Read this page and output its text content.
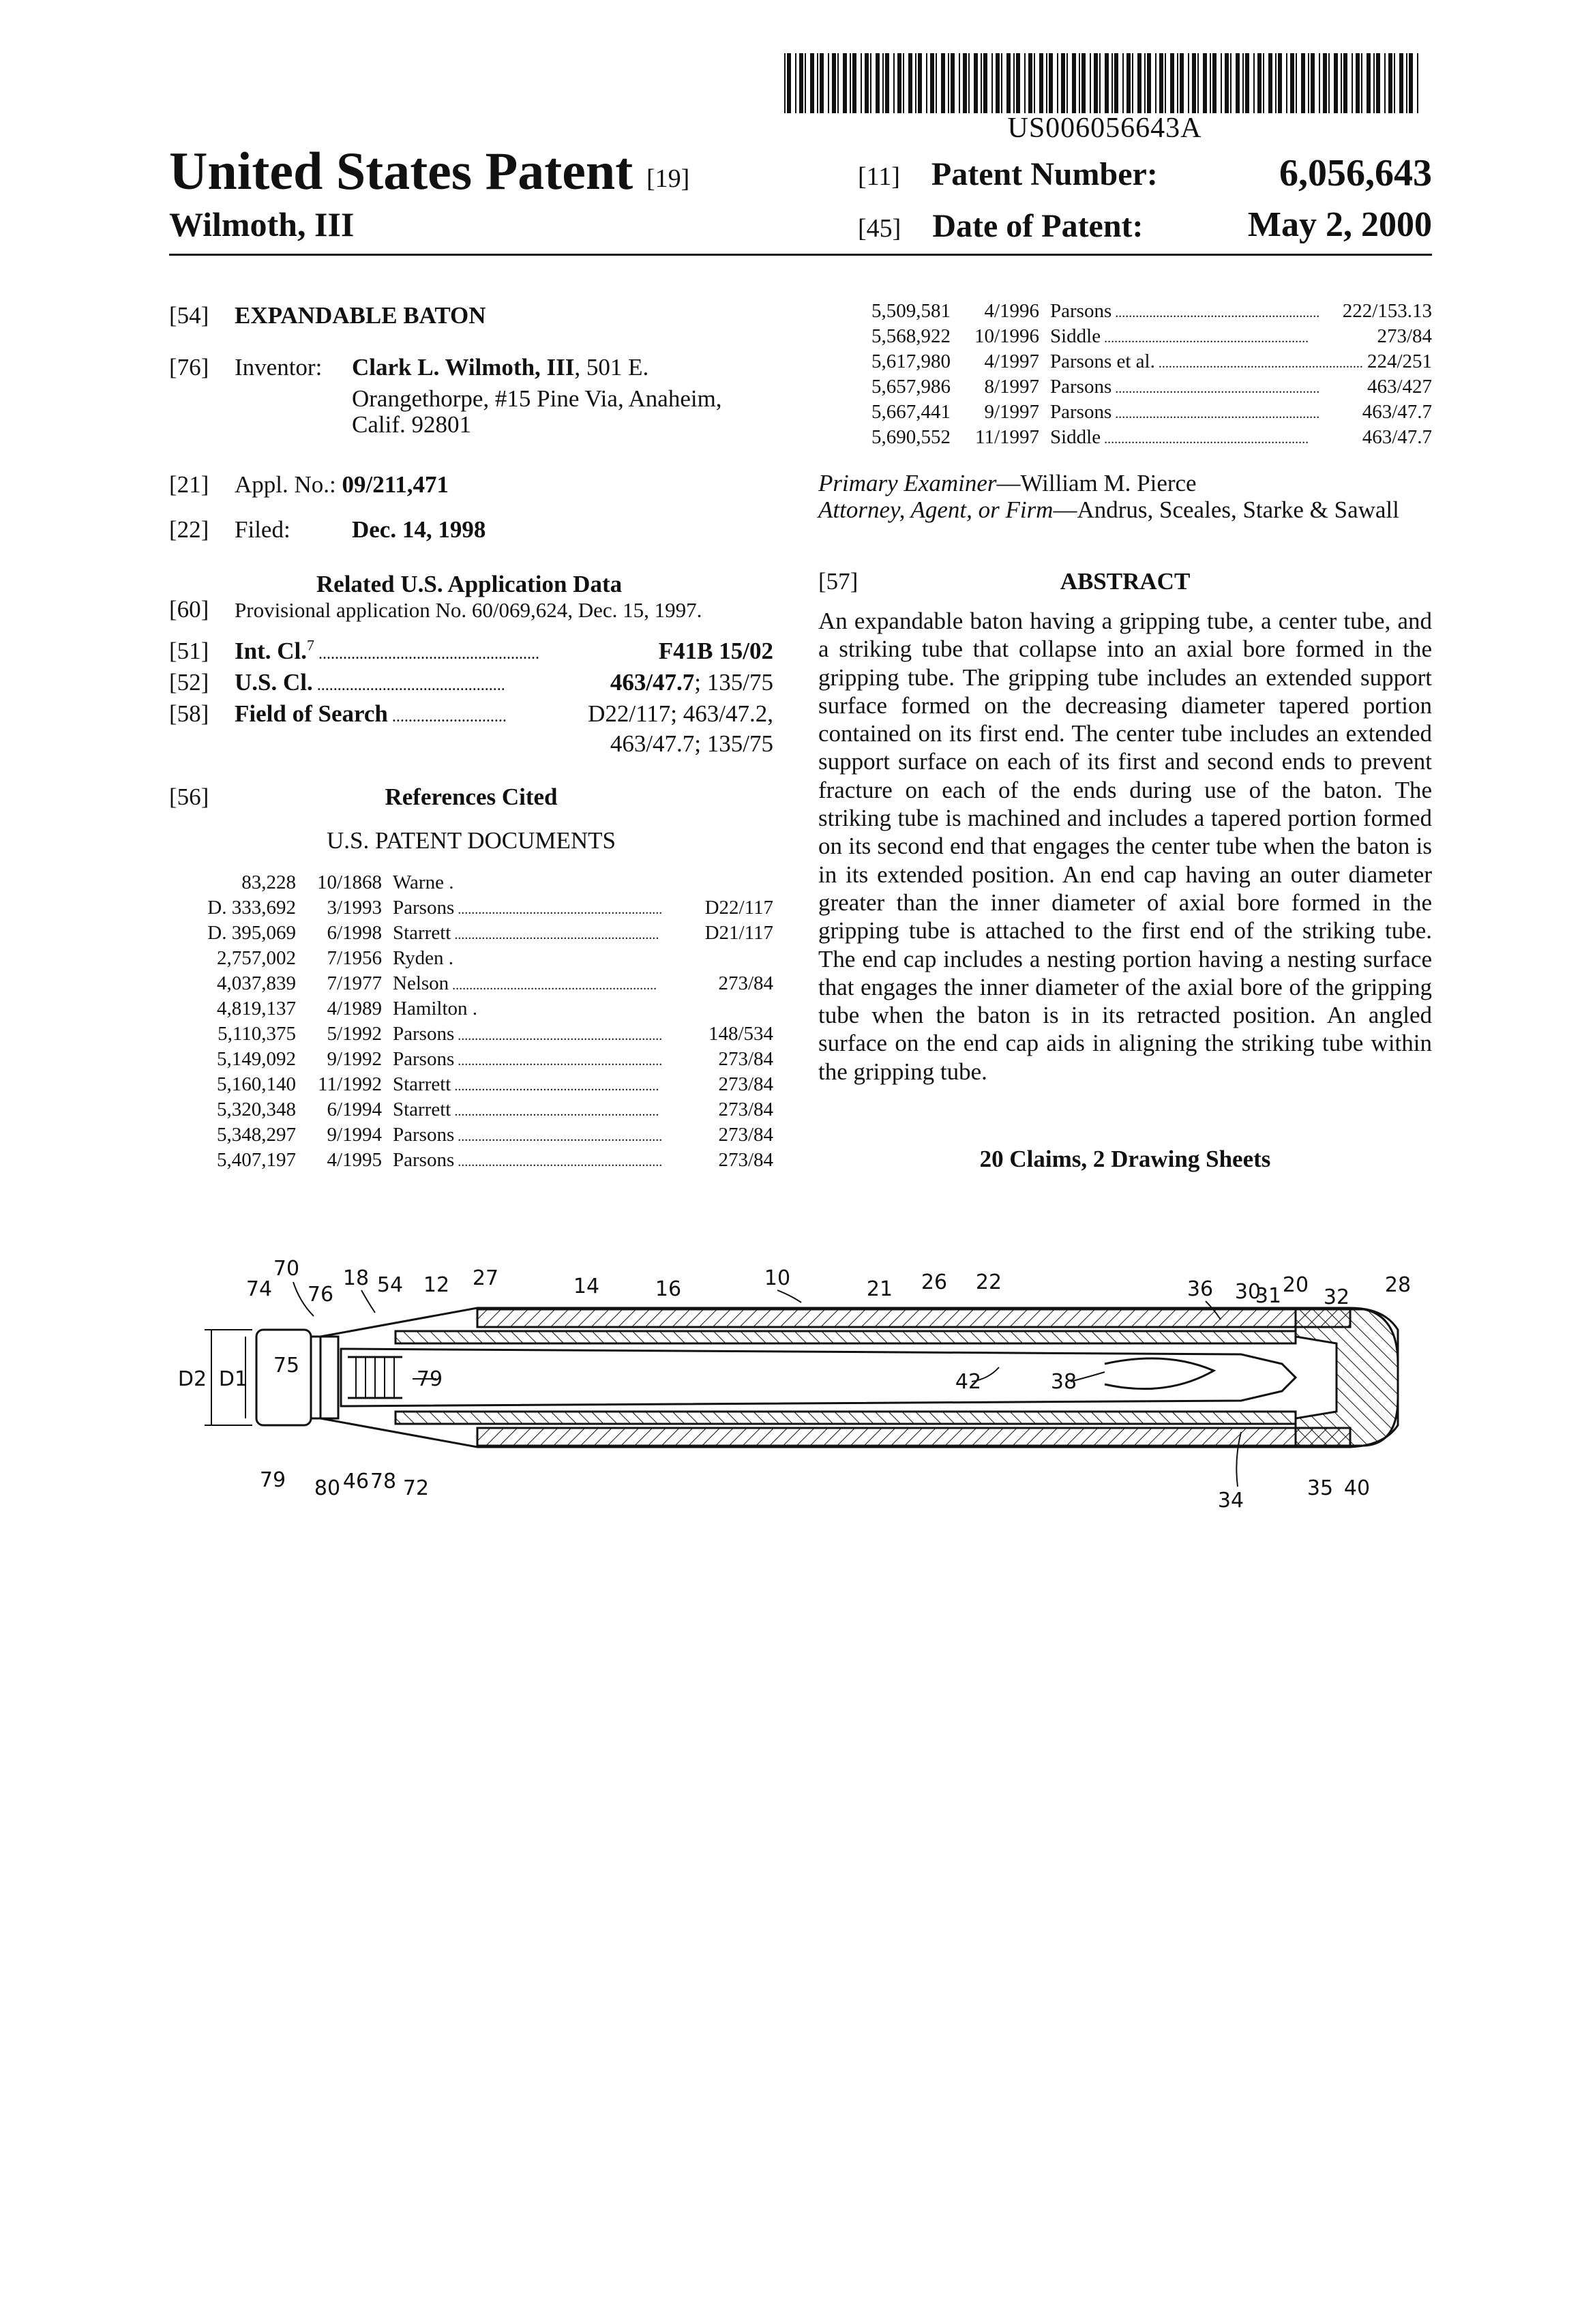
US006056643A
United States Patent [19]
Wilmoth, III
[11] Patent Number:	6,056,643
[45] Date of Patent:	May 2, 2000
[54] EXPANDABLE BATON
[76] Inventor: Clark L. Wilmoth, III, 501 E.
Orangethorpe, #15 Pine Via, Anaheim,
Calif. 92801
[21] Appl. No.: 09/211,471
[22] Filed:	Dec. 14, 1998
Related U.S. Application Data
[60] Provisional application No. 60/069,624, Dec. 15, 1997.
[51] Int. Cl.$^7$ ......................................................	F41B 15/02
[52] U.S. Cl. ..............................................	463/47.7; 135/75
[58] Field of Search ............................	D22/117; 463/47.2,
463/47.7; 135/75
[56]	References Cited
U.S. PATENT DOCUMENTS
83,228	10/1868	Warne .	
D. 333,692	3/1993	Parsons ............................................................	D22/117
D. 395,069	6/1998	Starrett ............................................................	D21/117
2,757,002	7/1956	Ryden .	
4,037,839	7/1977	Nelson ............................................................	273/84
4,819,137	4/1989	Hamilton .	
5,110,375	5/1992	Parsons ............................................................	148/534
5,149,092	9/1992	Parsons ............................................................	273/84
5,160,140	11/1992	Starrett ............................................................	273/84
5,320,348	6/1994	Starrett ............................................................	273/84
5,348,297	9/1994	Parsons ............................................................	273/84
5,407,197	4/1995	Parsons ............................................................	273/84
5,509,581	4/1996	Parsons ............................................................	222/153.13
5,568,922	10/1996	Siddle ............................................................	273/84
5,617,980	4/1997	Parsons et al. ............................................................	224/251
5,657,986	8/1997	Parsons ............................................................	463/427
5,667,441	9/1997	Parsons ............................................................	463/47.7
5,690,552	11/1997	Siddle ............................................................	463/47.7
Primary Examiner—William M. Pierce
Attorney, Agent, or Firm—Andrus, Sceales, Starke & Sawall
[57]	ABSTRACT
An expandable baton having a gripping tube, a center tube, and a striking tube that collapse into an axial bore formed in the gripping tube. The gripping tube includes an extended support surface formed on the decreasing diameter tapered portion contained on its first end. The center tube includes an extended support surface on each of its first and second ends to prevent fracture on each of the ends during use of the baton. The striking tube is machined and includes a tapered portion formed on its second end that engages the center tube when the baton is in its extended position. An end cap having an outer diameter greater than the inner diameter of axial bore formed in the gripping tube is attached to the first end of the striking tube. The end cap includes a nesting portion having a nesting surface that engages the inner diameter of the axial bore of the gripping tube when the baton is in its retracted position. An angled surface on the end cap aids in aligning the striking tube within the gripping tube.
20 Claims, 2 Drawing Sheets
70
74 76
18 54 12 27	14	16	10	21 26 22	36 30
31 20
32
28
75
D2 D1	79	42	38
79 80 46 78 72
34
35 40
